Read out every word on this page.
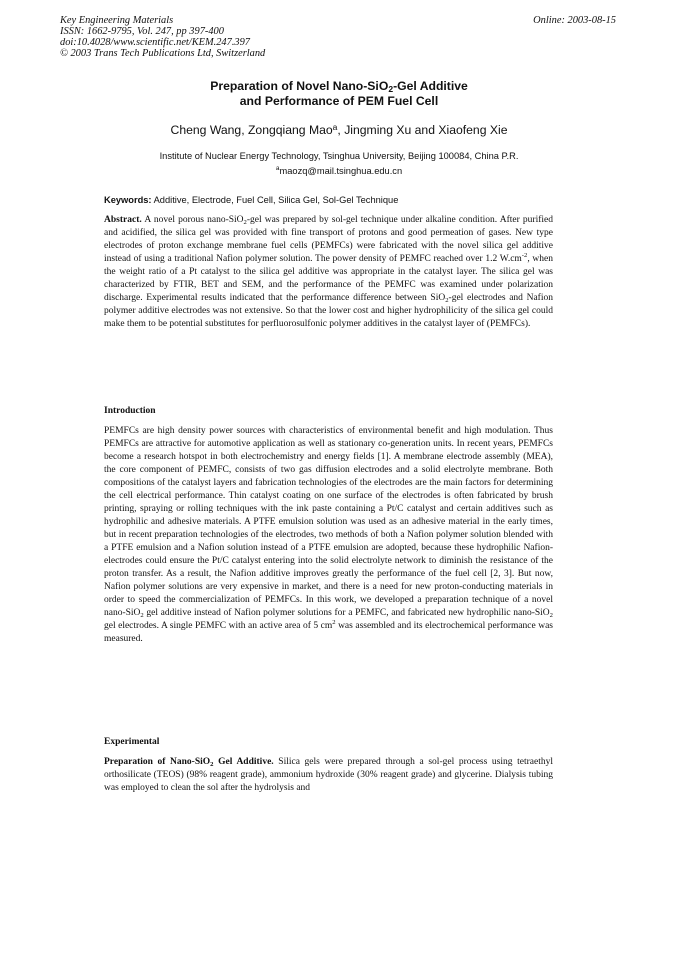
Key Engineering Materials
ISSN: 1662-9795, Vol. 247, pp 397-400
doi:10.4028/www.scientific.net/KEM.247.397
© 2003 Trans Tech Publications Ltd, Switzerland
Online: 2003-08-15
Preparation of Novel Nano-SiO$_2$-Gel Additive
and Performance of PEM Fuel Cell
Cheng Wang, Zongqiang Mao$^a$, Jingming Xu and Xiaofeng Xie
Institute of Nuclear Energy Technology, Tsinghua University, Beijing 100084, China P.R.
$^a$maozq@mail.tsinghua.edu.cn
Keywords: Additive, Electrode, Fuel Cell, Silica Gel, Sol-Gel Technique
Abstract. A novel porous nano-SiO$_2$-gel was prepared by sol-gel technique under alkaline condition. After purified and acidified, the silica gel was provided with fine transport of protons and good permeation of gases. New type electrodes of proton exchange membrane fuel cells (PEMFCs) were fabricated with the novel silica gel additive instead of using a traditional Nafion polymer solution. The power density of PEMFC reached over 1.2 $W.cm^{-2}$, when the weight ratio of a Pt catalyst to the silica gel additive was appropriate in the catalyst layer. The silica gel was characterized by FTIR, BET and SEM, and the performance of the PEMFC was examined under polarization discharge. Experimental results indicated that the performance difference between SiO$_2$-gel electrodes and Nafion polymer additive electrodes was not extensive. So that the lower cost and higher hydrophilicity of the silica gel could make them to be potential substitutes for perfluorosulfonic polymer additives in the catalyst layer of (PEMFCs).
Introduction
PEMFCs are high density power sources with characteristics of environmental benefit and high modulation. Thus PEMFCs are attractive for automotive application as well as stationary co-generation units. In recent years, PEMFCs become a research hotspot in both electrochemistry and energy fields [1]. A membrane electrode assembly (MEA), the core component of PEMFC, consists of two gas diffusion electrodes and a solid electrolyte membrane. Both compositions of the catalyst layers and fabrication technologies of the electrodes are the main factors for determining the cell electrical performance. Thin catalyst coating on one surface of the electrodes is often fabricated by brush printing, spraying or rolling techniques with the ink paste containing a Pt/C catalyst and certain additives such as hydrophilic and adhesive materials. A PTFE emulsion solution was used as an adhesive material in the early times, but in recent preparation technologies of the electrodes, two methods of both a Nafion polymer solution blended with a PTFE emulsion and a Nafion solution instead of a PTFE emulsion are adopted, because these hydrophilic Nafion-electrodes could ensure the Pt/C catalyst entering into the solid electrolyte network to diminish the resistance of the proton transfer. As a result, the Nafion additive improves greatly the performance of the fuel cell [2, 3]. But now, Nafion polymer solutions are very expensive in market, and there is a need for new proton-conducting materials in order to speed the commercialization of PEMFCs. In this work, we developed a preparation technique of a novel nano-SiO$_2$ gel additive instead of Nafion polymer solutions for a PEMFC, and fabricated new hydrophilic nano-SiO$_2$ gel electrodes. A single PEMFC with an active area of 5 $cm^2$ was assembled and its electrochemical performance was measured.
Experimental
Preparation of Nano-SiO$_2$ Gel Additive. Silica gels were prepared through a sol-gel process using tetraethyl orthosilicate (TEOS) (98% reagent grade), ammonium hydroxide (30% reagent grade) and glycerine. Dialysis tubing was employed to clean the sol after the hydrolysis and
